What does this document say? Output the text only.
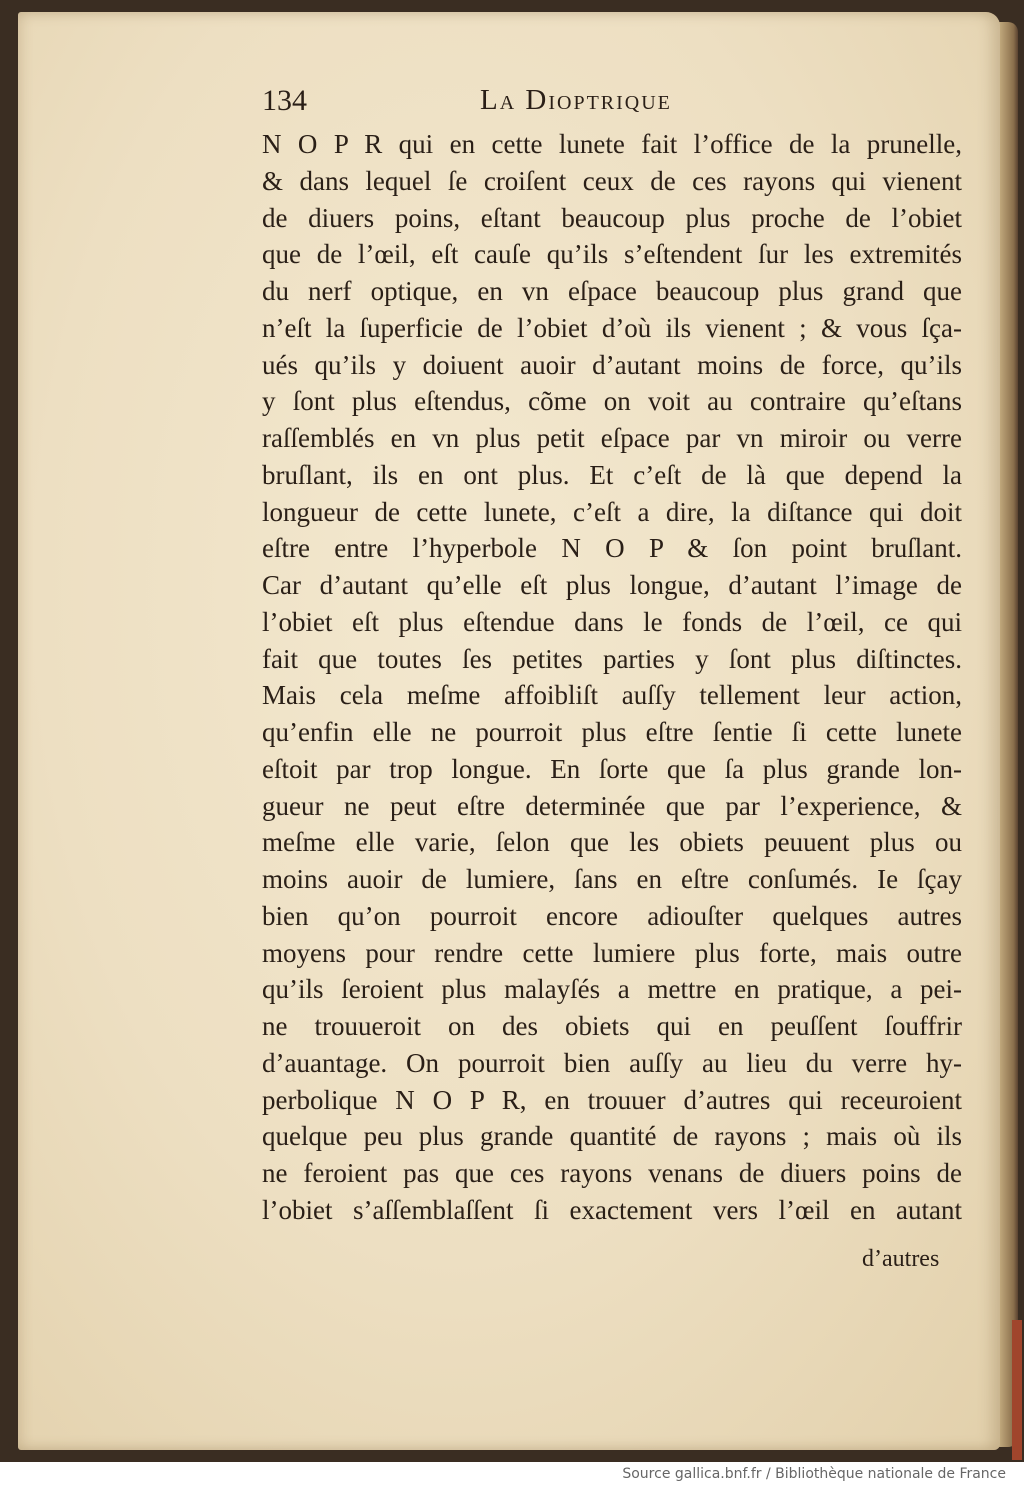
134	La Dioptrique
N O P R qui en cette lunete fait l’office de la prunelle,
& dans lequel ſe croiſent ceux de ces rayons qui vienent
de diuers poins, eſtant beaucoup plus proche de l’obiet
que de l’œil, eſt cauſe qu’ils s’eſtendent ſur les extremités
du nerf optique, en vn eſpace beaucoup plus grand que
n’eſt la ſuperficie de l’obiet d’où ils vienent ; & vous ſça-
ués qu’ils y doiuent auoir d’autant moins de force, qu’ils
y ſont plus eſtendus, cõme on voit au contraire qu’eſtans
raſſemblés en vn plus petit eſpace par vn miroir ou verre
bruſlant, ils en ont plus. Et c’eſt de là que depend la
longueur de cette lunete, c’eſt a dire, la diſtance qui doit
eſtre entre l’hyperbole N O P & ſon point bruſlant.
Car d’autant qu’elle eſt plus longue, d’autant l’image de
l’obiet eſt plus eſtendue dans le fonds de l’œil, ce qui
fait que toutes ſes petites parties y ſont plus diſtinctes.
Mais cela meſme affoibliſt auſſy tellement leur action,
qu’enfin elle ne pourroit plus eſtre ſentie ſi cette lunete
eſtoit par trop longue. En ſorte que ſa plus grande lon-
gueur ne peut eſtre determinée que par l’experience, &
meſme elle varie, ſelon que les obiets peuuent plus ou
moins auoir de lumiere, ſans en eſtre conſumés. Ie ſçay
bien qu’on pourroit encore adiouſter quelques autres
moyens pour rendre cette lumiere plus forte, mais outre
qu’ils ſeroient plus malayſés a mettre en pratique, a pei-
ne trouueroit on des obiets qui en peuſſent ſouffrir
d’auantage. On pourroit bien auſſy au lieu du verre hy-
perbolique N O P R, en trouuer d’autres qui receuroient
quelque peu plus grande quantité de rayons ; mais où ils
ne feroient pas que ces rayons venans de diuers poins de
l’obiet s’aſſemblaſſent ſi exactement vers l’œil en autant
d’autres
Source gallica.bnf.fr / Bibliothèque nationale de France
